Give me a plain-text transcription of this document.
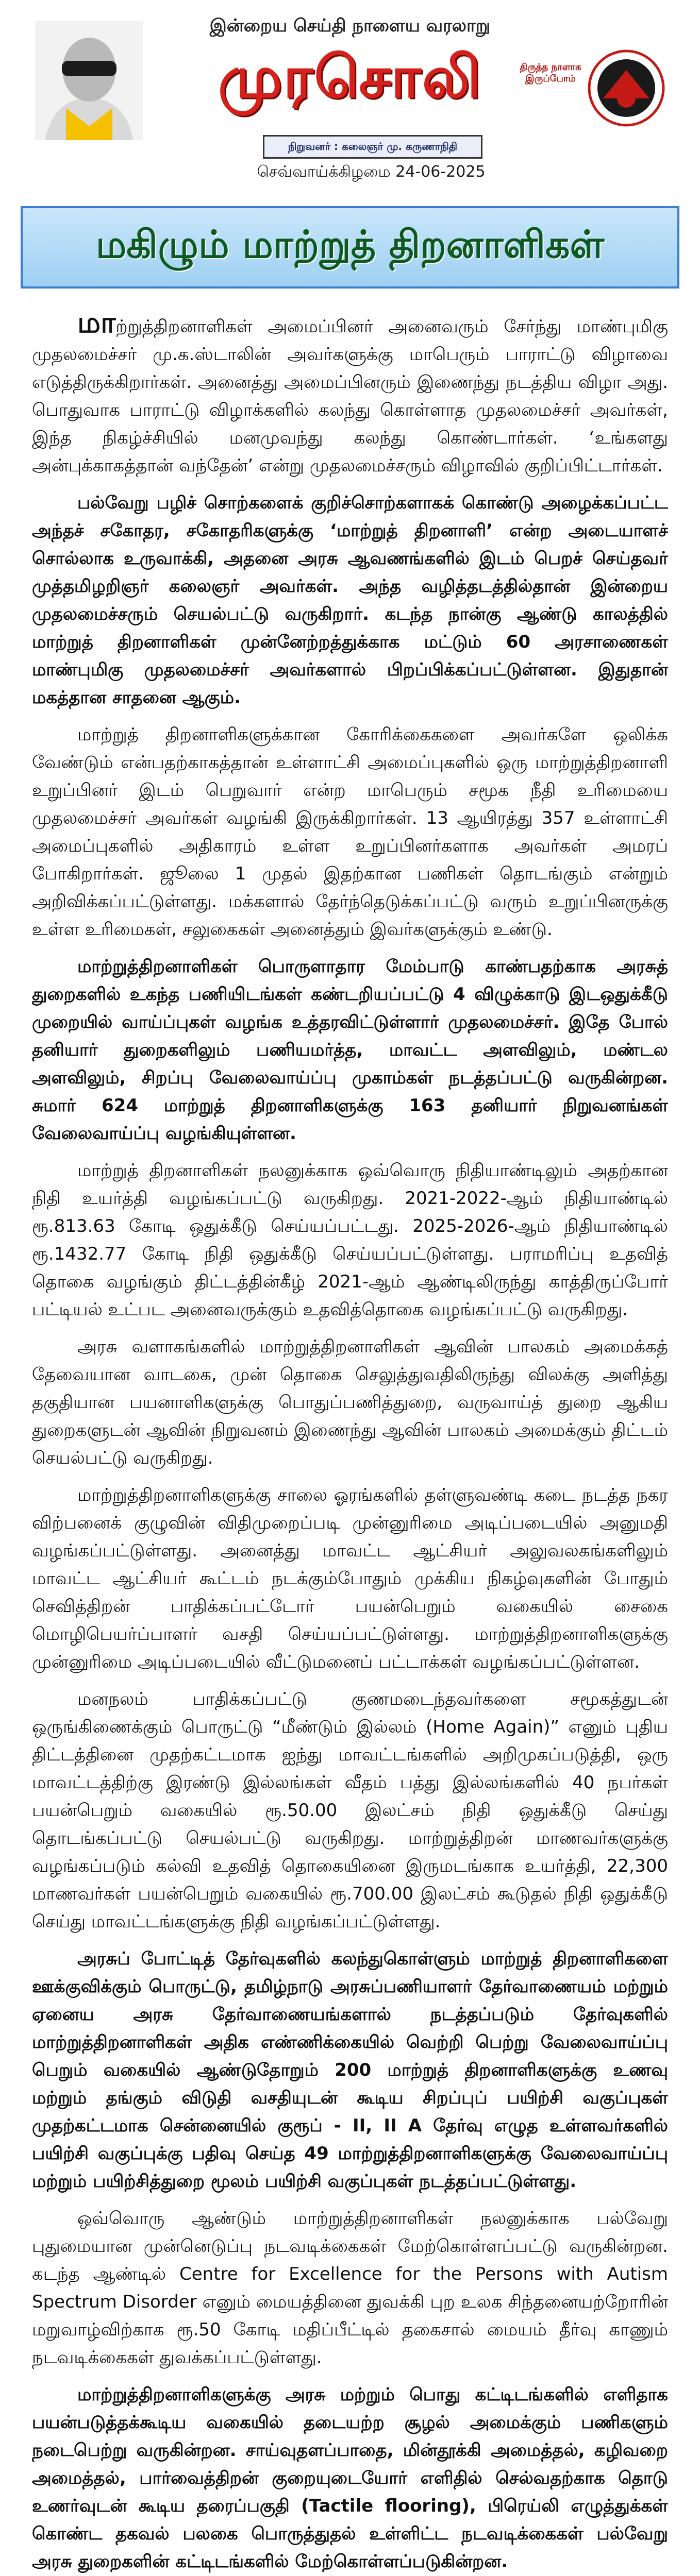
இன்றைய செய்தி நாளைய வரலாறு
முரசொலி	திருத்த நாளாக இருப்போம்
நிறுவனர் : கலைஞர் மு. கருணாநிதி
செவ்வாய்க்கிழமை 24-06-2025
மகிழும் மாற்றுத் திறனாளிகள்

மாற்றுத்திறனாளிகள் அமைப்பினர் அனைவரும் சேர்ந்து மாண்புமிகு முதலமைச்சர் மு.க.ஸ்டாலின் அவர்களுக்கு மாபெரும் பாராட்டு விழாவை எடுத்திருக்கிறார்கள். அனைத்து அமைப்பினரும் இணைந்து நடத்திய விழா அது. பொதுவாக பாராட்டு விழாக்களில் கலந்து கொள்ளாத முதலமைச்சர் அவர்கள், இந்த நிகழ்ச்சியில் மனமுவந்து கலந்து கொண்டார்கள். ‘உங்களது அன்புக்காகத்தான் வந்தேன்’ என்று முதலமைச்சரும் விழாவில் குறிப்பிட்டார்கள்.

பல்வேறு பழிச் சொற்களைக் குறிச்சொற்களாகக் கொண்டு அழைக்கப்பட்ட அந்தச் சகோதர, சகோதரிகளுக்கு ‘மாற்றுத் திறனாளி’ என்ற அடையாளச் சொல்லாக உருவாக்கி, அதனை அரசு ஆவணங்களில் இடம் பெறச் செய்தவர் முத்தமிழறிஞர் கலைஞர் அவர்கள். அந்த வழித்தடத்தில்தான் இன்றைய முதலமைச்சரும் செயல்பட்டு வருகிறார். கடந்த நான்கு ஆண்டு காலத்தில் மாற்றுத் திறனாளிகள் முன்னேற்றத்துக்காக மட்டும் 60 அரசாணைகள் மாண்புமிகு முதலமைச்சர் அவர்களால் பிறப்பிக்கப்பட்டுள்ளன. இதுதான் மகத்தான சாதனை ஆகும்.

மாற்றுத் திறனாளிகளுக்கான கோரிக்கைகளை அவர்களே ஒலிக்க வேண்டும் என்பதற்காகத்தான் உள்ளாட்சி அமைப்புகளில் ஒரு மாற்றுத்திறனாளி உறுப்பினர் இடம் பெறுவார் என்ற மாபெரும் சமூக நீதி உரிமையை முதலமைச்சர் அவர்கள் வழங்கி இருக்கிறார்கள். 13 ஆயிரத்து 357 உள்ளாட்சி அமைப்புகளில் அதிகாரம் உள்ள உறுப்பினர்களாக அவர்கள் அமரப் போகிறார்கள். ஜூலை 1 முதல் இதற்கான பணிகள் தொடங்கும் என்றும் அறிவிக்கப்பட்டுள்ளது. மக்களால் தேர்ந்தெடுக்கப்பட்டு வரும் உறுப்பினருக்கு உள்ள உரிமைகள், சலுகைகள் அனைத்தும் இவர்களுக்கும் உண்டு.

மாற்றுத்திறனாளிகள் பொருளாதார மேம்பாடு காண்பதற்காக அரசுத் துறைகளில் உகந்த பணியிடங்கள் கண்டறியப்பட்டு 4 விழுக்காடு இடஒதுக்கீடு முறையில் வாய்ப்புகள் வழங்க உத்தரவிட்டுள்ளார் முதலமைச்சர். இதே போல் தனியார் துறைகளிலும் பணியமர்த்த, மாவட்ட அளவிலும், மண்டல அளவிலும், சிறப்பு வேலைவாய்ப்பு முகாம்கள் நடத்தப்பட்டு வருகின்றன. சுமார் 624 மாற்றுத் திறனாளிகளுக்கு 163 தனியார் நிறுவனங்கள் வேலைவாய்ப்பு வழங்கியுள்ளன.

மாற்றுத் திறனாளிகள் நலனுக்காக ஒவ்வொரு நிதியாண்டிலும் அதற்கான நிதி உயர்த்தி வழங்கப்பட்டு வருகிறது. 2021-2022-ஆம் நிதியாண்டில் ரூ.813.63 கோடி ஒதுக்கீடு செய்யப்பட்டது. 2025-2026-ஆம் நிதியாண்டில் ரூ.1432.77 கோடி நிதி ஒதுக்கீடு செய்யப்பட்டுள்ளது. பராமரிப்பு உதவித் தொகை வழங்கும் திட்டத்தின்கீழ் 2021-ஆம் ஆண்டிலிருந்து காத்திருப்போர் பட்டியல் உட்பட அனைவருக்கும் உதவித்தொகை வழங்கப்பட்டு வருகிறது.

அரசு வளாகங்களில் மாற்றுத்திறனாளிகள் ஆவின் பாலகம் அமைக்கத் தேவையான வாடகை, முன் தொகை செலுத்துவதிலிருந்து விலக்கு அளித்து தகுதியான பயனாளிகளுக்கு பொதுப்பணித்துறை, வருவாய்த் துறை ஆகிய துறைகளுடன் ஆவின் நிறுவனம் இணைந்து ஆவின் பாலகம் அமைக்கும் திட்டம் செயல்பட்டு வருகிறது.

மாற்றுத்திறனாளிகளுக்கு சாலை ஓரங்களில் தள்ளுவண்டி கடை நடத்த நகர விற்பனைக் குழுவின் விதிமுறைப்படி முன்னுரிமை அடிப்படையில் அனுமதி வழங்கப்பட்டுள்ளது. அனைத்து மாவட்ட ஆட்சியர் அலுவலகங்களிலும் மாவட்ட ஆட்சியர் கூட்டம் நடக்கும்போதும் முக்கிய நிகழ்வுகளின் போதும் செவித்திறன் பாதிக்கப்பட்டோர் பயன்பெறும் வகையில் சைகை மொழிபெயர்ப்பாளர் வசதி செய்யப்பட்டுள்ளது. மாற்றுத்திறனாளிகளுக்கு முன்னுரிமை அடிப்படையில் வீட்டுமனைப் பட்டாக்கள் வழங்கப்பட்டுள்ளன.

மனநலம் பாதிக்கப்பட்டு குணமடைந்தவர்களை சமூகத்துடன் ஒருங்கிணைக்கும் பொருட்டு “மீண்டும் இல்லம் (Home Again)” எனும் புதிய திட்டத்தினை முதற்கட்டமாக ஐந்து மாவட்டங்களில் அறிமுகப்படுத்தி, ஒரு மாவட்டத்திற்கு இரண்டு இல்லங்கள் வீதம் பத்து இல்லங்களில் 40 நபர்கள் பயன்பெறும் வகையில் ரூ.50.00 இலட்சம் நிதி ஒதுக்கீடு செய்து தொடங்கப்பட்டு செயல்பட்டு வருகிறது. மாற்றுத்திறன் மாணவர்களுக்கு வழங்கப்படும் கல்வி உதவித் தொகையினை இருமடங்காக உயர்த்தி, 22,300 மாணவர்கள் பயன்பெறும் வகையில் ரூ.700.00 இலட்சம் கூடுதல் நிதி ஒதுக்கீடு செய்து மாவட்டங்களுக்கு நிதி வழங்கப்பட்டுள்ளது.

அரசுப் போட்டித் தேர்வுகளில் கலந்துகொள்ளும் மாற்றுத் திறனாளிகளை ஊக்குவிக்கும் பொருட்டு, தமிழ்நாடு அரசுப்பணியாளர் தேர்வாணையம் மற்றும் ஏனைய அரசு தேர்வாணையங்களால் நடத்தப்படும் தேர்வுகளில் மாற்றுத்திறனாளிகள் அதிக எண்ணிக்கையில் வெற்றி பெற்று வேலைவாய்ப்பு பெறும் வகையில் ஆண்டுதோறும் 200 மாற்றுத் திறனாளிகளுக்கு உணவு மற்றும் தங்கும் விடுதி வசதியுடன் கூடிய சிறப்புப் பயிற்சி வகுப்புகள் முதற்கட்டமாக சென்னையில் குரூப் - II, II A தேர்வு எழுத உள்ளவர்களில் பயிற்சி வகுப்புக்கு பதிவு செய்த 49 மாற்றுத்திறனாளிகளுக்கு வேலைவாய்ப்பு மற்றும் பயிற்சித்துறை மூலம் பயிற்சி வகுப்புகள் நடத்தப்பட்டுள்ளது.

ஒவ்வொரு ஆண்டும் மாற்றுத்திறனாளிகள் நலனுக்காக பல்வேறு புதுமையான முன்னெடுப்பு நடவடிக்கைகள் மேற்கொள்ளப்பட்டு வருகின்றன. கடந்த ஆண்டில் Centre for Excellence for the Persons with Autism Spectrum Disorder எனும் மையத்தினை துவக்கி புற உலக சிந்தனையற்றோரின் மறுவாழ்விற்காக ரூ.50 கோடி மதிப்பீட்டில் தகைசால் மையம் தீர்வு காணும் நடவடிக்கைகள் துவக்கப்பட்டுள்ளது.

மாற்றுத்திறனாளிகளுக்கு அரசு மற்றும் பொது கட்டிடங்களில் எளிதாக பயன்படுத்தக்கூடிய வகையில் தடையற்ற சூழல் அமைக்கும் பணிகளும் நடைபெற்று வருகின்றன. சாய்வுதளப்பாதை, மின்தூக்கி அமைத்தல், கழிவறை அமைத்தல், பார்வைத்திறன் குறையுடையோர் எளிதில் செல்வதற்காக தொடு உணர்வுடன் கூடிய தரைப்பகுதி (Tactile flooring), பிரெய்லி எழுத்துக்கள் கொண்ட தகவல் பலகை பொருத்துதல் உள்ளிட்ட நடவடிக்கைகள் பல்வேறு அரசு துறைகளின் கட்டிடங்களில் மேற்கொள்ளப்படுகின்றன.
